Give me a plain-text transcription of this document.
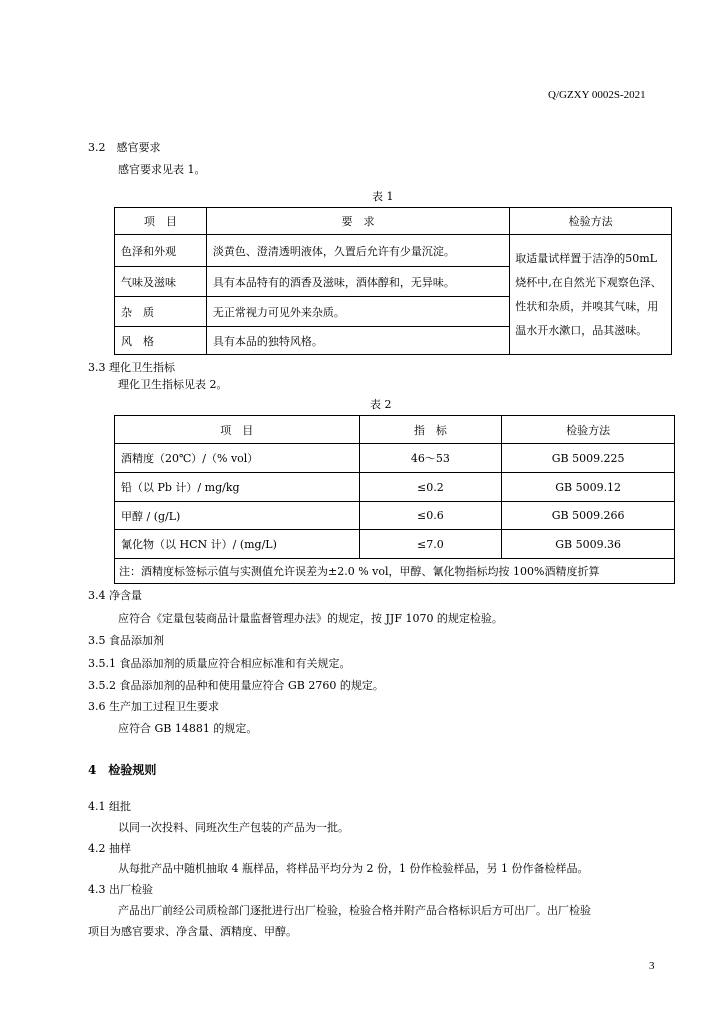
Q/GZXY 0002S-2021
3.2　感官要求
感官要求见表 1。
表 1
项　目	要　求	检验方法
色泽和外观	淡黄色、澄清透明液体，久置后允许有少量沉淀。	取适量试样置于洁净的50mL烧杯中,在自然光下观察色泽、性状和杂质，并嗅其气味，用温水开水漱口，品其滋味。
气味及滋味	具有本品特有的酒香及滋味，酒体醇和，无异味。	
杂　质	无正常视力可见外来杂质。	
风　格	具有本品的独特风格。	
3.3 理化卫生指标
理化卫生指标见表 2。
表 2
项　目	指　标	检验方法
酒精度（20℃）/（% vol）	46～53	GB 5009.225
铅（以 Pb 计）/ mg/kg	≤0.2	GB 5009.12
甲醇 / (g/L)	≤0.6	GB 5009.266
氰化物（以 HCN 计）/ (mg/L)	≤7.0	GB 5009.36
注：酒精度标签标示值与实测值允许误差为±2.0 % vol，甲醇、氰化物指标均按 100%酒精度折算		
3.4 净含量
应符合《定量包装商品计量监督管理办法》的规定，按 JJF 1070 的规定检验。
3.5 食品添加剂
3.5.1 食品添加剂的质量应符合相应标准和有关规定。
3.5.2 食品添加剂的品种和使用量应符合 GB 2760 的规定。
3.6 生产加工过程卫生要求
应符合 GB 14881 的规定。
4　检验规则
4.1 组批
以同一次投料、同班次生产包装的产品为一批。
4.2 抽样
从每批产品中随机抽取 4 瓶样品，将样品平均分为 2 份，1 份作检验样品，另 1 份作备检样品。
4.3 出厂检验
产品出厂前经公司质检部门逐批进行出厂检验，检验合格并附产品合格标识后方可出厂。出厂检验
项目为感官要求、净含量、酒精度、甲醇。
3
